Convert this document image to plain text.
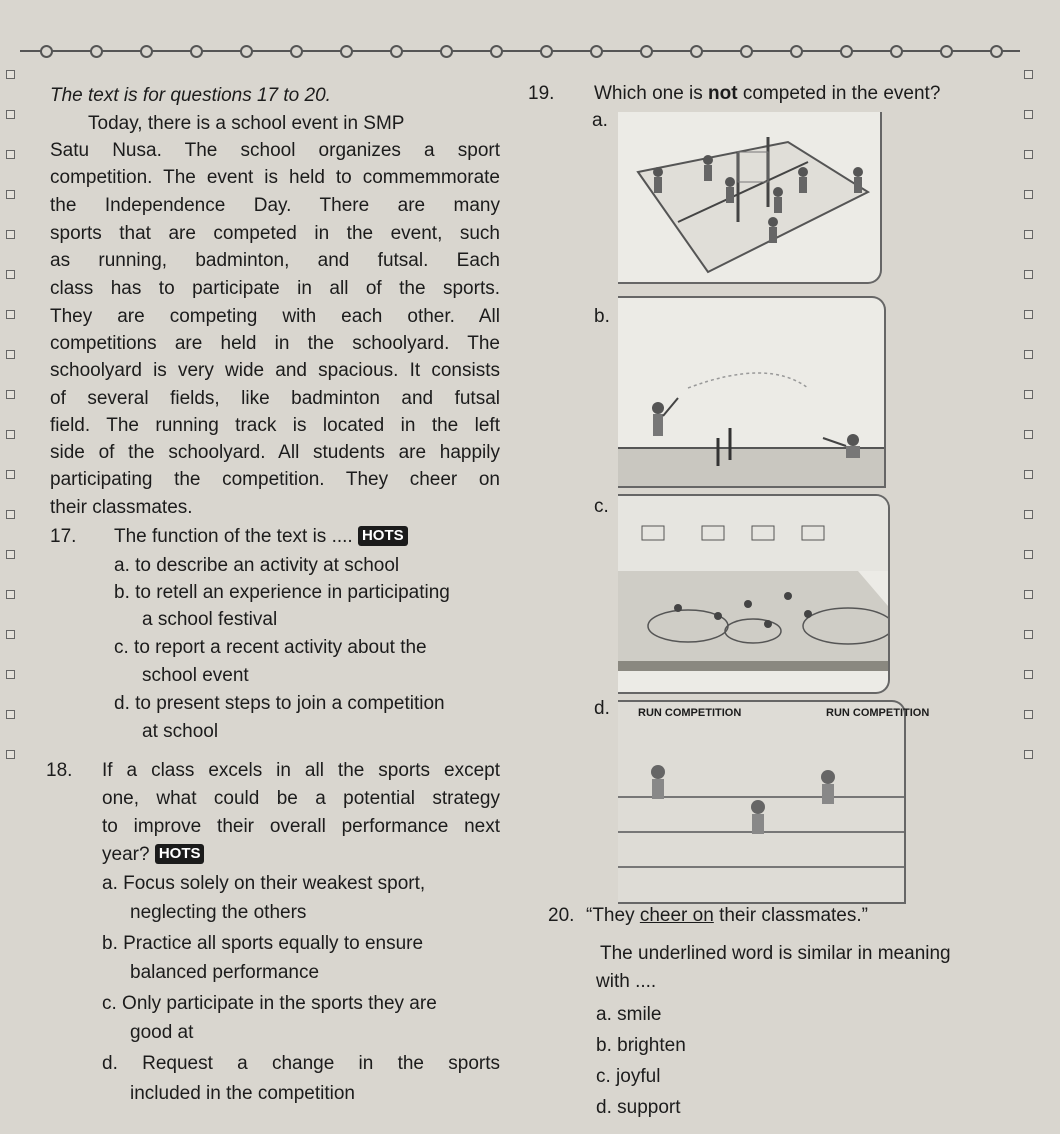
The text is for questions 17 to 20.
Today, there is a school event in SMP
Satu Nusa. The school organizes a sport
competition. The event is held to commemmorate
the Independence Day. There are many
sports that are competed in the event, such
as running, badminton, and futsal. Each
class has to participate in all of the sports.
They are competing with each other. All
competitions are held in the schoolyard. The
schoolyard is very wide and spacious. It consists
of several fields, like badminton and futsal
field. The running track is located in the left
side of the schoolyard. All students are happily
participating the competition. They cheer on
their classmates.
17. The function of the text is .... HOTS
a. to describe an activity at school
b. to retell an experience in participating
a school festival
c. to report a recent activity about the
school event
d. to present steps to join a competition
at school
18. If a class excels in all the sports except
one, what could be a potential strategy
to improve their overall performance next
year? HOTS
a. Focus solely on their weakest sport,
neglecting the others
b. Practice all sports equally to ensure
balanced performance
c. Only participate in the sports they are
good at
d. Request a change in the sports
included in the competition
19. Which one is not competed in the event?
a.
b.
c.
d.	RUN COMPETITION	RUN COMPETITION
20. “They cheer on their classmates.”
The underlined word is similar in meaning
with ....
a. smile
b. brighten
c. joyful
d. support
